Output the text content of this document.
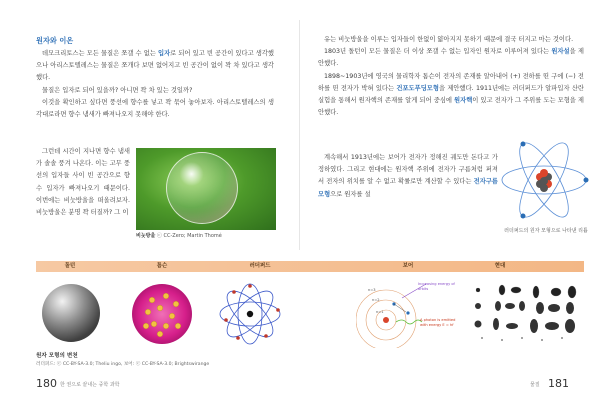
원자와 이온

데모크리토스는 모든 물질은 쪼갤 수 없는 입자로 되어 있고 빈 공간이 있다고 생각했으나 아리스토텔레스는 물질은 쪼개다 보면 없어지고 빈 공간이 없이 꽉 차 있다고 생각했다.

물질은 입자로 되어 있을까? 아니면 꽉 차 있는 것일까?

이것을 확인하고 싶다면 풍선에 향수를 넣고 꽉 묶어 놓아보자. 아리스토텔레스의 생각대로라면 향수 냄새가 빠져나오지 못해야 한다.

그런데 시간이 지나면 향수 냄새가 솔솔 풍겨 나온다. 이는 고무 풍선의 입자들 사이 빈 공간으로 향수 입자가 빠져나오기 때문이다. 이번에는 비눗방울을 떠올려보자. 비눗방울은 분명 꽉 터질까? 그 이

비눗방울 ⓒ CC-Zero; Martin Thomé

유는 비눗방울을 이루는 입자들이 한없이 얇아지지 못하기 때문에 결국 터지고 마는 것이다.

1803년 돌턴이 모든 물질은 더 이상 쪼갤 수 없는 입자인 원자로 이루어져 있다는 원자설을 제안했다.

1898~1903년에 영국의 물리학자 톰슨이 전자의 존재를 알아내어 (+) 전하를 띤 구에 (−) 전하를 띤 전자가 박혀 있다는 건포도푸딩모형을 제안했다. 1911년에는 러더퍼드가 알파입자 산란실험을 통해서 원자핵의 존재를 알게 되어 중심에 원자핵이 있고 전자가 그 주위를 도는 모형을 제안했다.

계속해서 1913년에는 보어가 전자가 정해진 궤도만 돈다고 가정하였다. 그리고 현대에는 원자핵 주위에 전자가 구름처럼 퍼져서 전자의 위치를 알 수 없고 확률로만 계산할 수 있다는 전자구름 모형으로 원자를 설

러더퍼드의 원자 모형으로 나타낸 리튬
돌턴	톰슨	러더퍼드	보어	현대
Increasing energy of orbits
A photon is emitted with energy E = hf
n=3
n=2
n=1
원자 모형의 변천
러더퍼드: ⓒ CC-BY-SA-3.0; Theliu ingo, 보어: ⓒ CC-BY-SA-3.0; Brightswirange
180 한 권으로 끝내는 중학 과학	물질 181
